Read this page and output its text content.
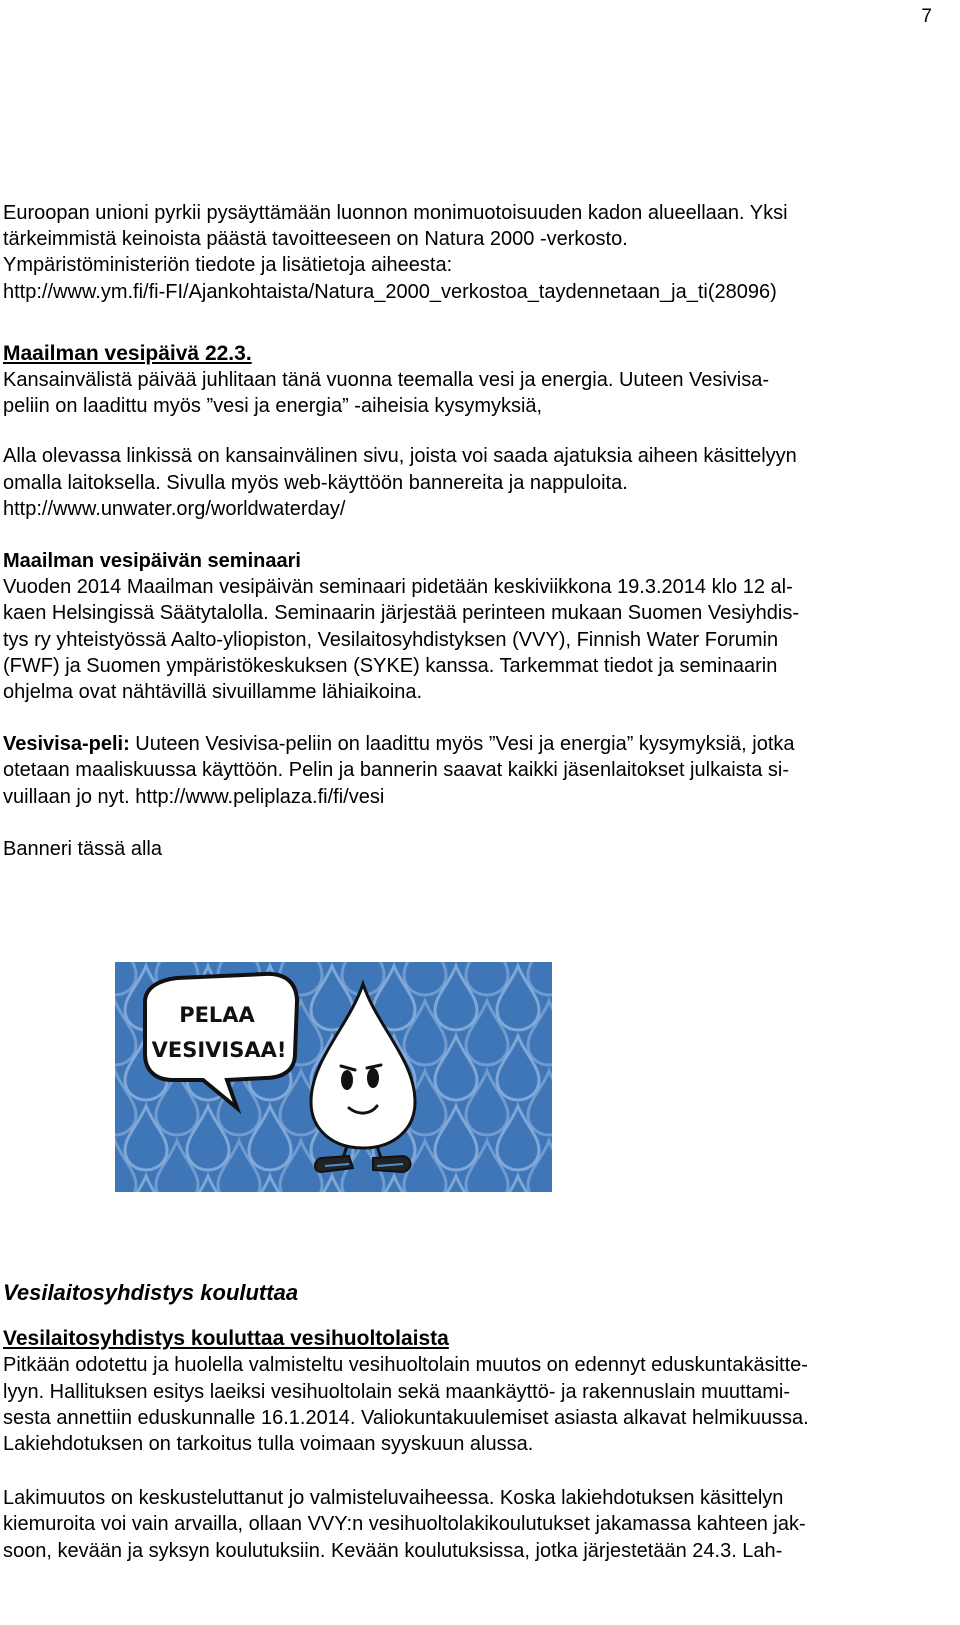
7

Euroopan unioni pyrkii pysäyttämään luonnon monimuotoisuuden kadon alueellaan. Yksi

tärkeimmistä keinoista päästä tavoitteeseen on Natura 2000 -verkosto.

Ympäristöministeriön tiedote ja lisätietoja aiheesta:

http://www.ym.fi/fi-FI/Ajankohtaista/Natura_2000_verkostoa_taydennetaan_ja_ti(28096)

Maailman vesipäivä 22.3.

Kansainvälistä päivää juhlitaan tänä vuonna teemalla vesi ja energia. Uuteen Vesivisa-

peliin on laadittu myös ”vesi ja energia” -aiheisia kysymyksiä,

Alla olevassa linkissä on kansainvälinen sivu, joista voi saada ajatuksia aiheen käsittelyyn

omalla laitoksella. Sivulla myös web-käyttöön bannereita ja nappuloita.

http://www.unwater.org/worldwaterday/

Maailman vesipäivän seminaari

Vuoden 2014 Maailman vesipäivän seminaari pidetään keskiviikkona 19.3.2014 klo 12 al-

kaen Helsingissä Säätytalolla. Seminaarin järjestää perinteen mukaan Suomen Vesiyhdis-

tys ry yhteistyössä Aalto-yliopiston, Vesilaitosyhdistyksen (VVY), Finnish Water Forumin

(FWF) ja Suomen ympäristökeskuksen (SYKE) kanssa. Tarkemmat tiedot ja seminaarin

ohjelma ovat nähtävillä sivuillamme lähiaikoina.

Vesivisa-peli: Uuteen Vesivisa-peliin on laadittu myös ”Vesi ja energia” kysymyksiä, jotka

otetaan maaliskuussa käyttöön. Pelin ja bannerin saavat kaikki jäsenlaitokset julkaista si-

vuillaan jo nyt. http://www.peliplaza.fi/fi/vesi

Banneri tässä alla

PELAA
VESIVISAA!

Vesilaitosyhdistys kouluttaa

Vesilaitosyhdistys kouluttaa vesihuoltolaista

Pitkään odotettu ja huolella valmisteltu vesihuoltolain muutos on edennyt eduskuntakäsitte-

lyyn. Hallituksen esitys laeiksi vesihuoltolain sekä maankäyttö- ja rakennuslain muuttami-

sesta annettiin eduskunnalle 16.1.2014. Valiokuntakuulemiset asiasta alkavat helmikuussa.

Lakiehdotuksen on tarkoitus tulla voimaan syyskuun alussa.

Lakimuutos on keskusteluttanut jo valmisteluvaiheessa. Koska lakiehdotuksen käsittelyn

kiemuroita voi vain arvailla, ollaan VVY:n vesihuoltolakikoulutukset jakamassa kahteen jak-

soon, kevään ja syksyn koulutuksiin. Kevään koulutuksissa, jotka järjestetään 24.3. Lah-
